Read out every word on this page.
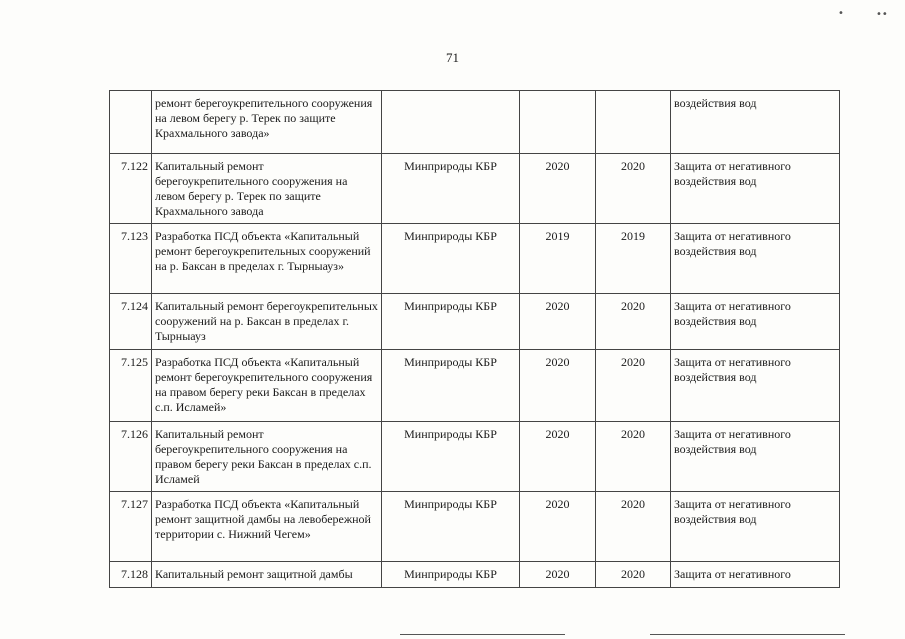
71
	ремонт берегоукрепительного сооружения на левом берегу р. Терек по защите Крахмального завода»				воздействия вод
7.122	Капитальный ремонт берегоукрепительного сооружения на левом берегу р. Терек по защите Крахмального завода	Минприроды КБР	2020	2020	Защита от негативного воздействия вод
7.123	Разработка ПСД объекта «Капитальный ремонт берегоукрепительных сооружений на р. Баксан в пределах г. Тырныауз»	Минприроды КБР	2019	2019	Защита от негативного воздействия вод
7.124	Капитальный ремонт берегоукрепительных сооружений на р. Баксан в пределах г. Тырныауз	Минприроды КБР	2020	2020	Защита от негативного воздействия вод
7.125	Разработка ПСД объекта «Капитальный ремонт берегоукрепительного сооружения на правом берегу реки Баксан в пределах с.п. Исламей»	Минприроды КБР	2020	2020	Защита от негативного воздействия вод
7.126	Капитальный ремонт берегоукрепительного сооружения на правом берегу реки Баксан в пределах с.п. Исламей	Минприроды КБР	2020	2020	Защита от негативного воздействия вод
7.127	Разработка ПСД объекта «Капитальный ремонт защитной дамбы на левобережной территории с. Нижний Чегем»	Минприроды КБР	2020	2020	Защита от негативного воздействия вод
7.128	Капитальный ремонт защитной дамбы	Минприроды КБР	2020	2020	Защита от негативного
•	••
